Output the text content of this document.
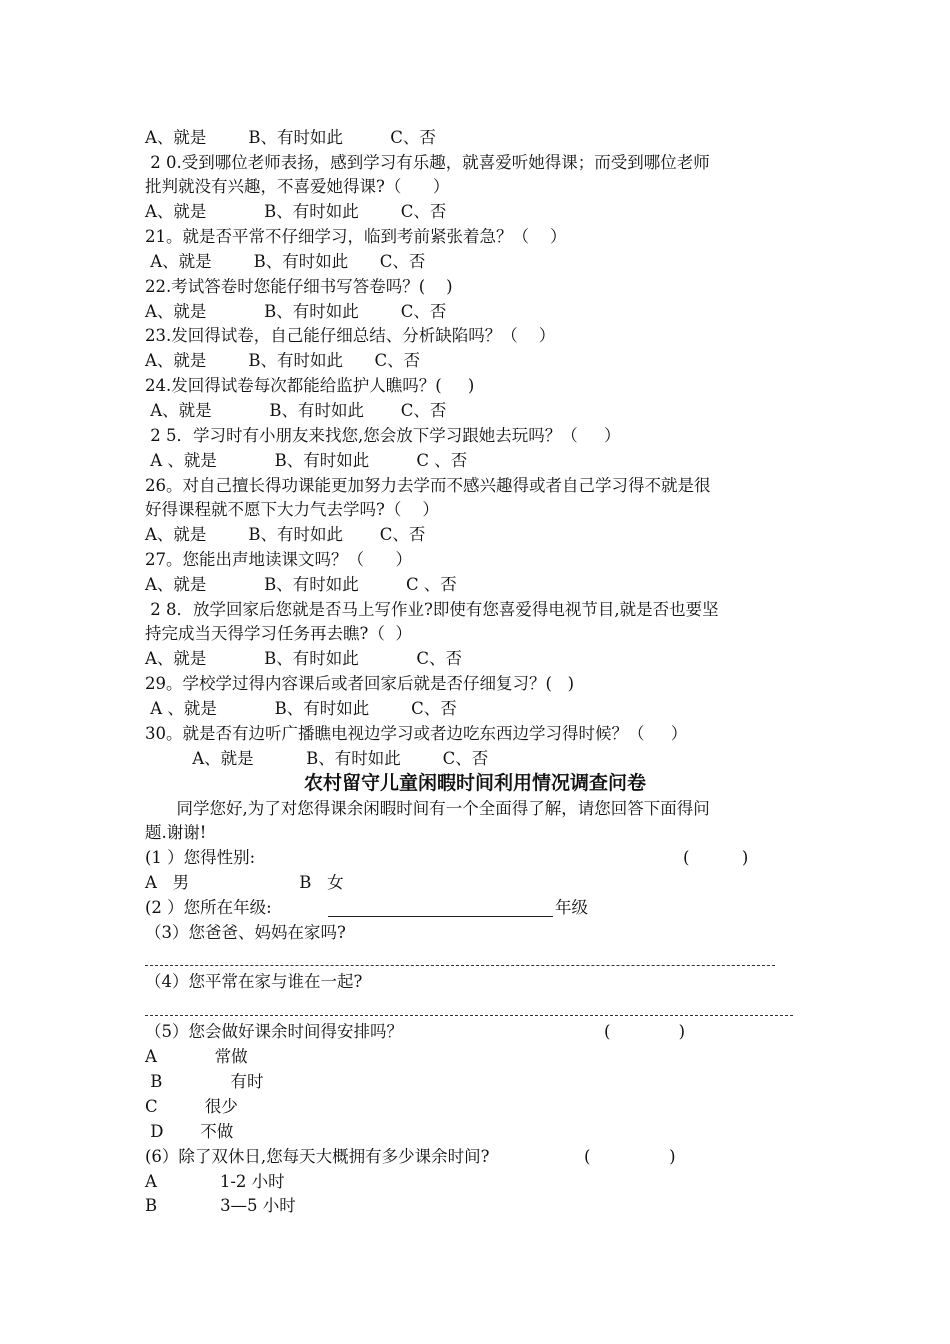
A、就是        B、有时如此         C、否
2 0.受到哪位老师表扬，感到学习有乐趣，就喜爱听她得课；而受到哪位老师
批判就没有兴趣，不喜爱她得课?（      ）
A、就是           B、有时如此        C、否
21。就是否平常不仔细学习，临到考前紧张着急？（    ）
A、就是        B、有时如此      C、否
22.考试答卷时您能仔细书写答卷吗？(    )
A、就是           B、有时如此        C、否
23.发回得试卷，自己能仔细总结、分析缺陷吗？（    ）
A、就是        B、有时如此      C、否
24.发回得试卷每次都能给监护人瞧吗？(     )
A、就是           B、有时如此       C、否
2 5．学习时有小朋友来找您,您会放下学习跟她去玩吗？（     ）
A 、就是           B、有时如此         C 、否
26。对自己擅长得功课能更加努力去学而不感兴趣得或者自己学习得不就是很
好得课程就不愿下大力气去学吗?（    ）
A、就是        B、有时如此       C、否
27。您能出声地读课文吗？（      ）
A、就是           B、有时如此         C 、否
2 8．放学回家后您就是否马上写作业?即使有您喜爱得电视节目,就是否也要坚
持完成当天得学习任务再去瞧?（  ）
A、就是           B、有时如此           C、否
29。学校学过得内容课后或者回家后就是否仔细复习？(   )
A 、就是           B、有时如此        C、否
30。就是否有边听广播瞧电视边学习或者边吃东西边学习得时候？（     ）
A、就是          B、有时如此        C、否
农村留守儿童闲暇时间利用情况调查问卷
同学您好,为了对您得课余闲暇时间有一个全面得了解，请您回答下面得问
题.谢谢!
(1 ）您得性别:	(          )
A   男                     B   女
(2 ）您所在年级:	年级
（3）您爸爸、妈妈在家吗?
（4）您平常在家与谁在一起?
（5）您会做好课余时间得安排吗？	(             )
A           常做
B             有时
C         很少
D       不做
(6）除了双休日,您每天大概拥有多少课余时间?	(               )
A            1-2 小时
B            3—5 小时
